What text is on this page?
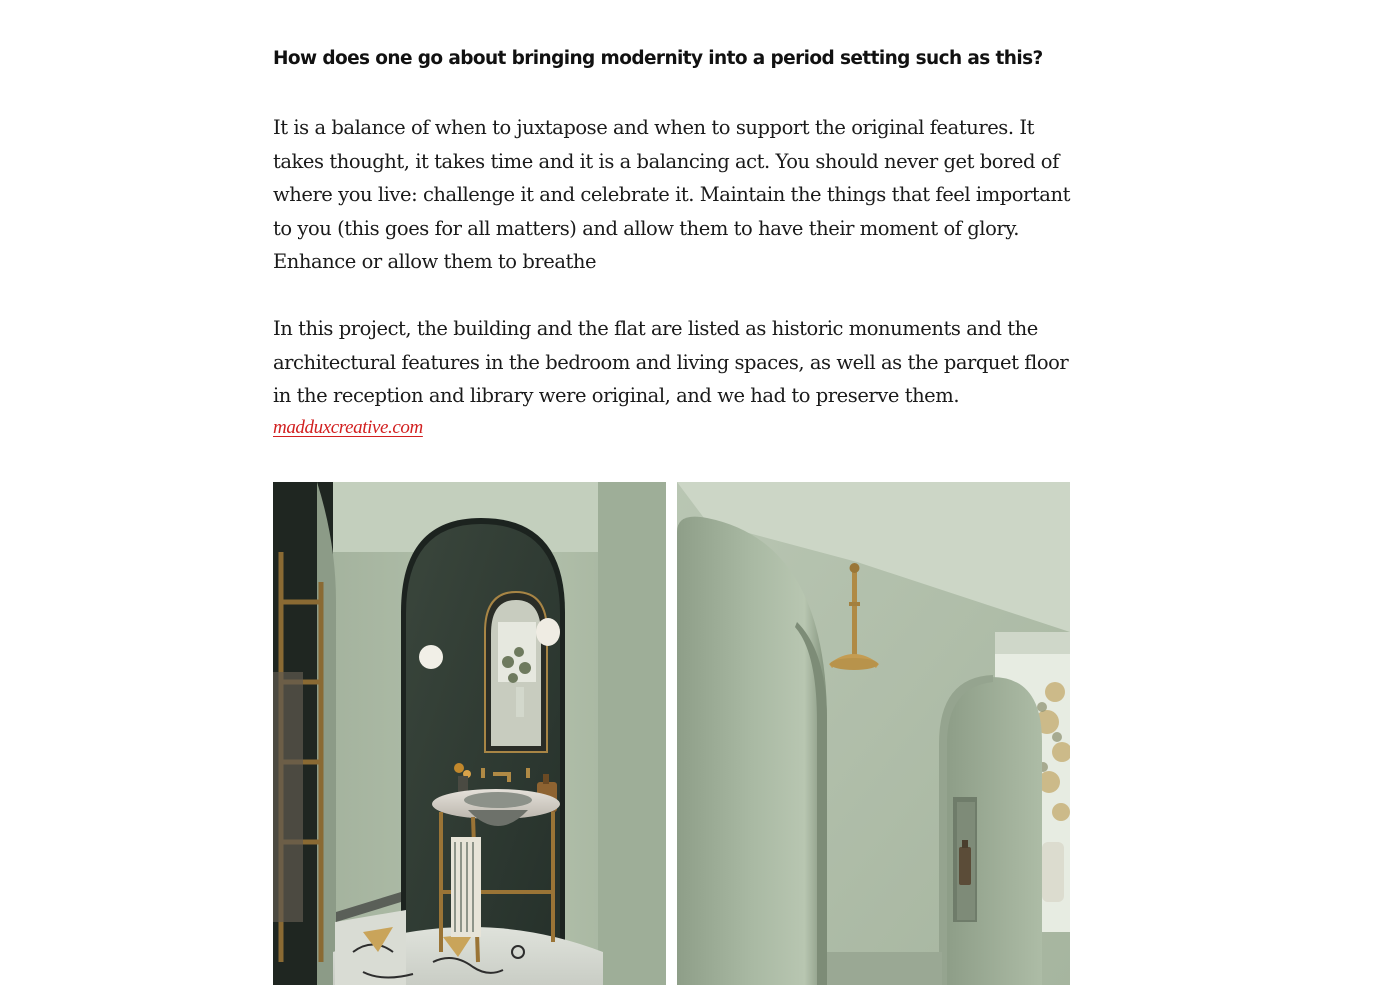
How does one go about bringing modernity into a period setting such as this?

It is a balance of when to juxtapose and when to support the original features. It takes thought, it takes time and it is a balancing act. You should never get bored of where you live: challenge it and celebrate it. Maintain the things that feel important to you (this goes for all matters) and allow them to have their moment of glory. Enhance or allow them to breathe

In this project, the building and the flat are listed as historic monuments and the architectural features in the bedroom and living spaces, as well as the parquet floor in the reception and library were original, and we had to preserve them.

madduxcreative.com
